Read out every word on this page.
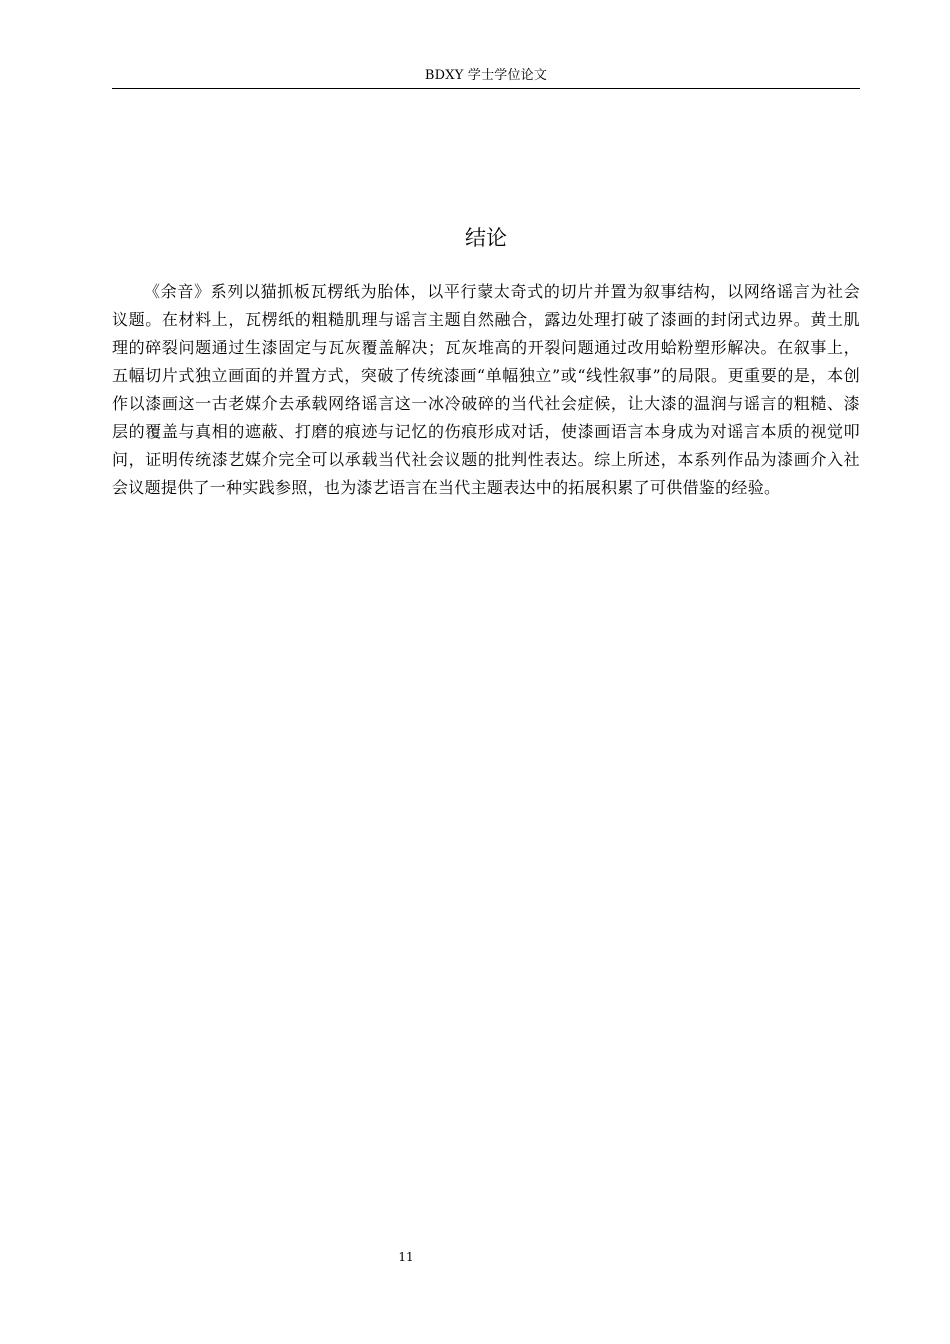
BDXY 学士学位论文
结论

《余音》系列以猫抓板瓦楞纸为胎体，以平行蒙太奇式的切片并置为叙事结构，以网络谣言为社会议题。在材料上，瓦楞纸的粗糙肌理与谣言主题自然融合，露边处理打破了漆画的封闭式边界。黄土肌理的碎裂问题通过生漆固定与瓦灰覆盖解决；瓦灰堆高的开裂问题通过改用蛤粉塑形解决。在叙事上，五幅切片式独立画面的并置方式，突破了传统漆画“单幅独立”或“线性叙事”的局限。更重要的是，本创作以漆画这一古老媒介去承载网络谣言这一冰冷破碎的当代社会症候，让大漆的温润与谣言的粗糙、漆层的覆盖与真相的遮蔽、打磨的痕迹与记忆的伤痕形成对话，使漆画语言本身成为对谣言本质的视觉叩问，证明传统漆艺媒介完全可以承载当代社会议题的批判性表达。综上所述，本系列作品为漆画介入社会议题提供了一种实践参照，也为漆艺语言在当代主题表达中的拓展积累了可供借鉴的经验。

11
